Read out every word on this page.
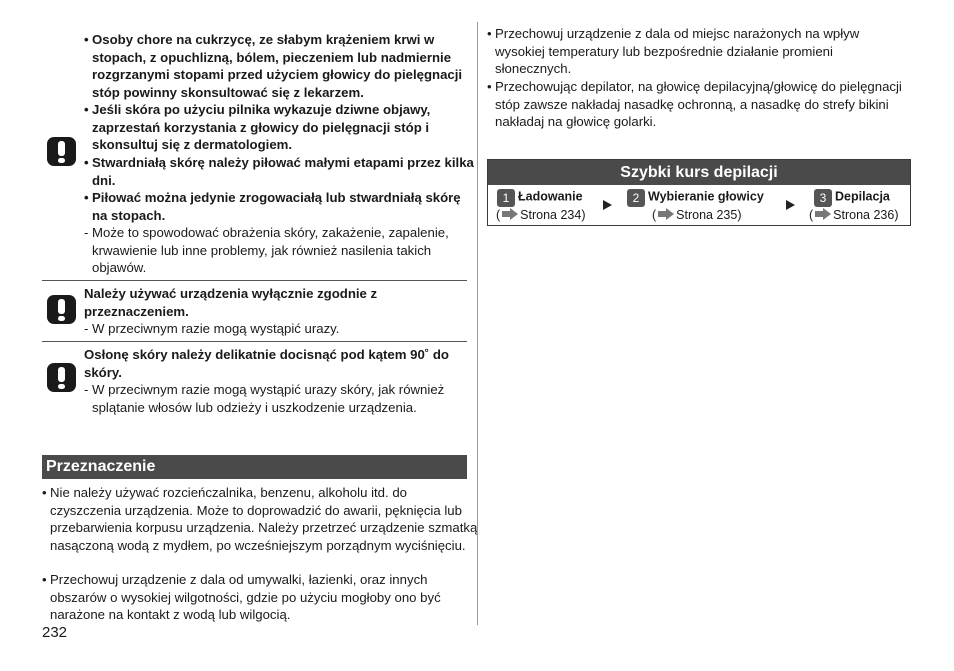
• Osoby chore na cukrzycę, ze słabym krążeniem krwi w stopach, z opuchlizną, bólem, pieczeniem lub nadmiernie rozgrzanymi stopami przed użyciem głowicy do pielęgnacji stóp powinny skonsultować się z lekarzem.
• Jeśli skóra po użyciu pilnika wykazuje dziwne objawy, zaprzestań korzystania z głowicy do pielęgnacji stóp i skonsultuj się z dermatologiem.
• Stwardniałą skórę należy piłować małymi etapami przez kilka dni.
• Piłować można jedynie zrogowaciałą lub stwardniałą skórę na stopach.
- Może to spowodować obrażenia skóry, zakażenie, zapalenie, krwawienie lub inne problemy, jak również nasilenia takich objawów.
Należy używać urządzenia wyłącznie zgodnie z przeznaczeniem.
- W przeciwnym razie mogą wystąpić urazy.
Osłonę skóry należy delikatnie docisnąć pod kątem 90˚ do skóry.
- W przeciwnym razie mogą wystąpić urazy skóry, jak również splątanie włosów lub odzieży i uszkodzenie urządzenia.
Przeznaczenie
• Nie należy używać rozcieńczalnika, benzenu, alkoholu itd. do czyszczenia urządzenia. Może to doprowadzić do awarii, pęknięcia lub przebarwienia korpusu urządzenia. Należy przetrzeć urządzenie szmatką nasączoną wodą z mydłem, po wcześniejszym porządnym wyciśnięciu.
• Przechowuj urządzenie z dala od umywalki, łazienki, oraz innych obszarów o wysokiej wilgotności, gdzie po użyciu mogłoby ono być narażone na kontakt z wodą lub wilgocią.
232
• Przechowuj urządzenie z dala od miejsc narażonych na wpływ wysokiej temperatury lub bezpośrednie działanie promieni słonecznych.
• Przechowując depilator, na głowicę depilacyjną/głowicę do pielęgnacji stóp zawsze nakładaj nasadkę ochronną, a nasadkę do strefy bikini nakładaj na głowicę golarki.
Szybki kurs depilacji
1 Ładowanie
( Strona 234)
2 Wybieranie głowicy
( Strona 235)
3 Depilacja
( Strona 236)
